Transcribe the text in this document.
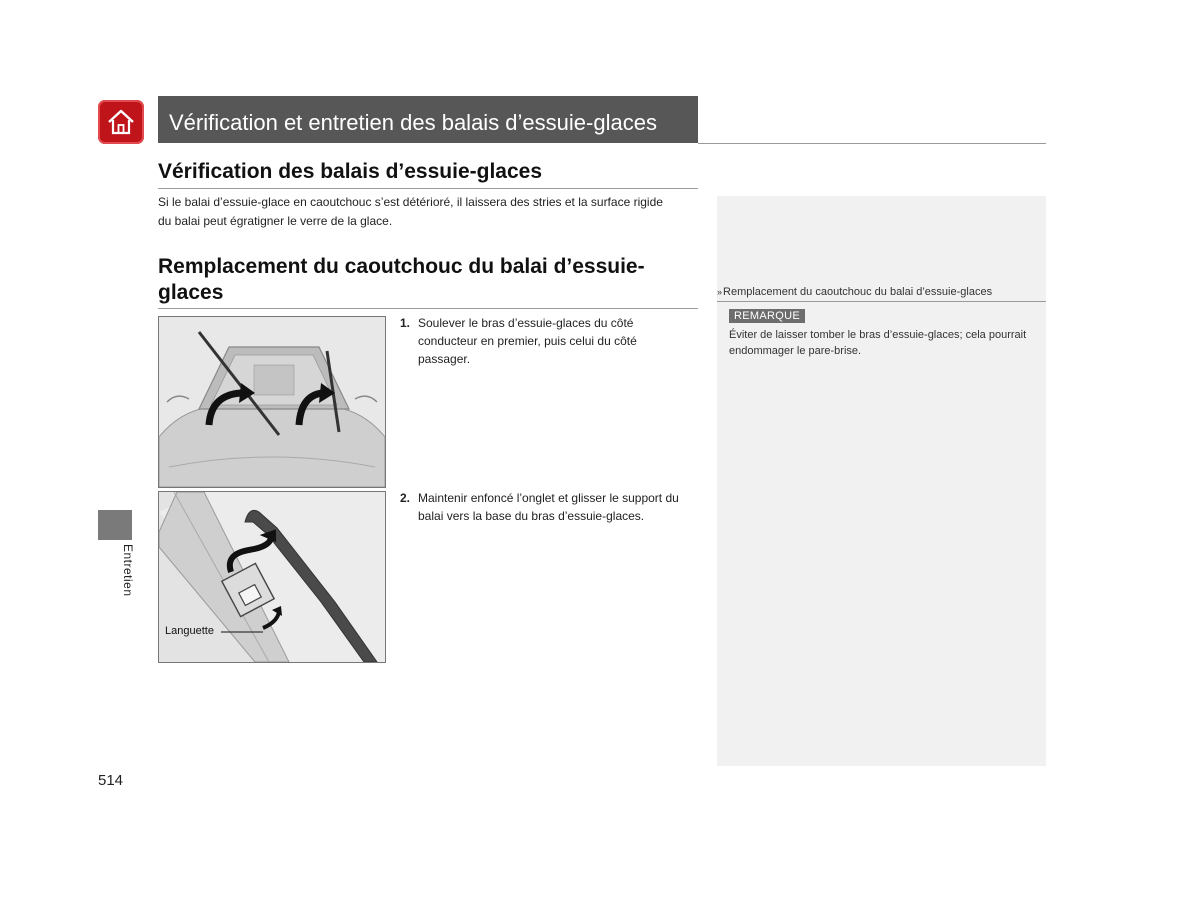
Vérification et entretien des balais d’essuie-glaces
Vérification des balais d’essuie-glaces
Si le balai d’essuie-glace en caoutchouc s’est détérioré, il laissera des stries et la surface rigide
du balai peut égratigner le verre de la glace.
Remplacement du caoutchouc du balai d’essuie-
glaces
1. Soulever le bras d’essuie-glaces du côté conducteur en premier, puis celui du côté passager.
Languette
2. Maintenir enfoncé l’onglet et glisser le support du balai vers la base du bras d’essuie-glaces.
» Remplacement du caoutchouc du balai d’essuie-glaces
REMARQUE
Éviter de laisser tomber le bras d’essuie-glaces; cela pourrait endommager le pare-brise.
Entretien
514
